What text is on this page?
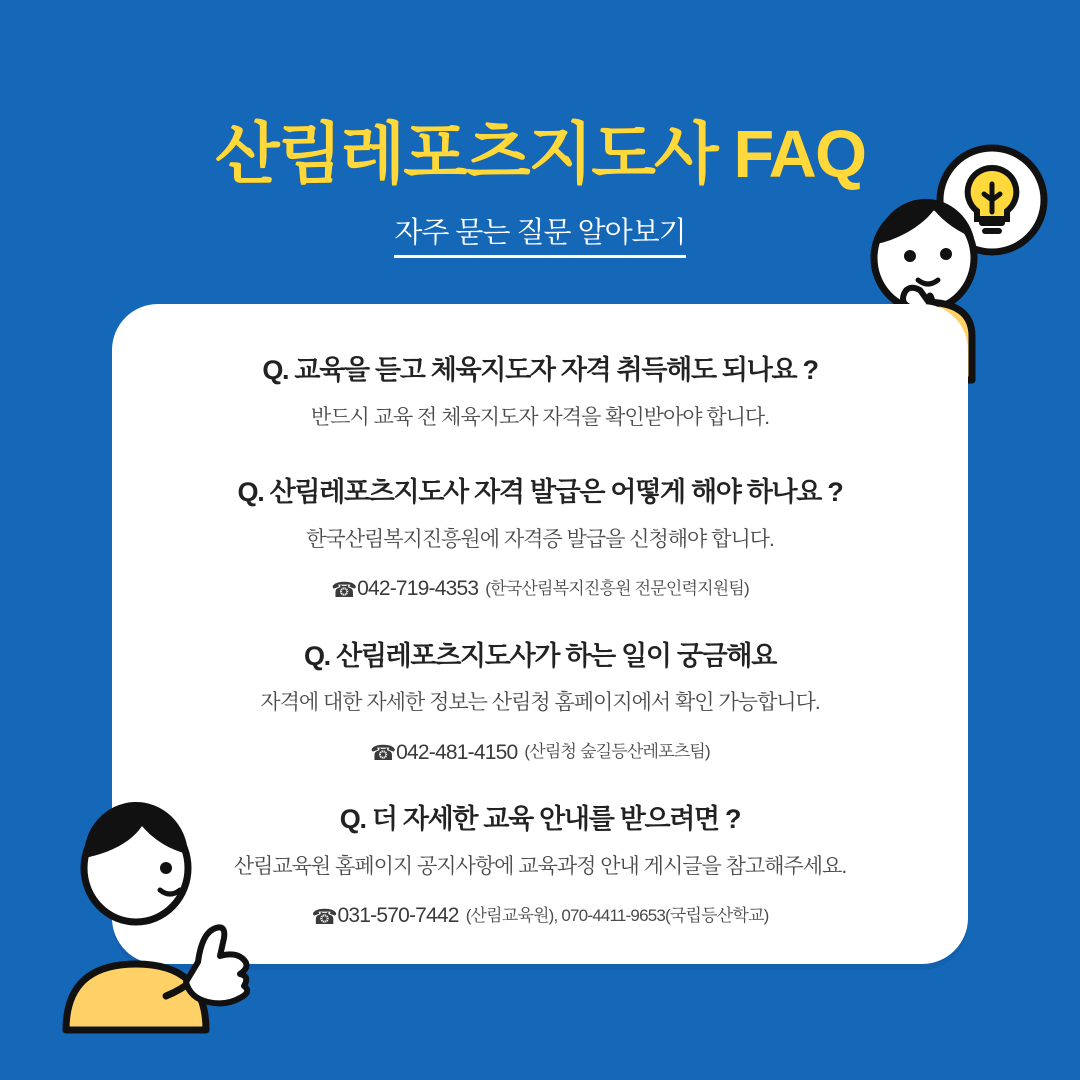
산림레포츠지도사 FAQ
자주 묻는 질문 알아보기

Q. 교육을 듣고 체육지도자 자격 취득해도 되나요 ?

반드시 교육 전 체육지도자 자격을 확인받아야 합니다.

Q. 산림레포츠지도사 자격 발급은 어떻게 해야 하나요 ?

한국산림복지진흥원에 자격증 발급을 신청해야 합니다.

☎ 042-719-4353 (한국산림복지진흥원 전문인력지원팀)

Q. 산림레포츠지도사가 하는 일이 궁금해요

자격에 대한 자세한 정보는 산림청 홈페이지에서 확인 가능합니다.

☎ 042-481-4150 (산림청 숲길등산레포츠팀)

Q. 더 자세한 교육 안내를 받으려면 ?

산림교육원 홈페이지 공지사항에 교육과정 안내 게시글을 참고해주세요.

☎ 031-570-7442 (산림교육원), 070-4411-9653(국립등산학교)
